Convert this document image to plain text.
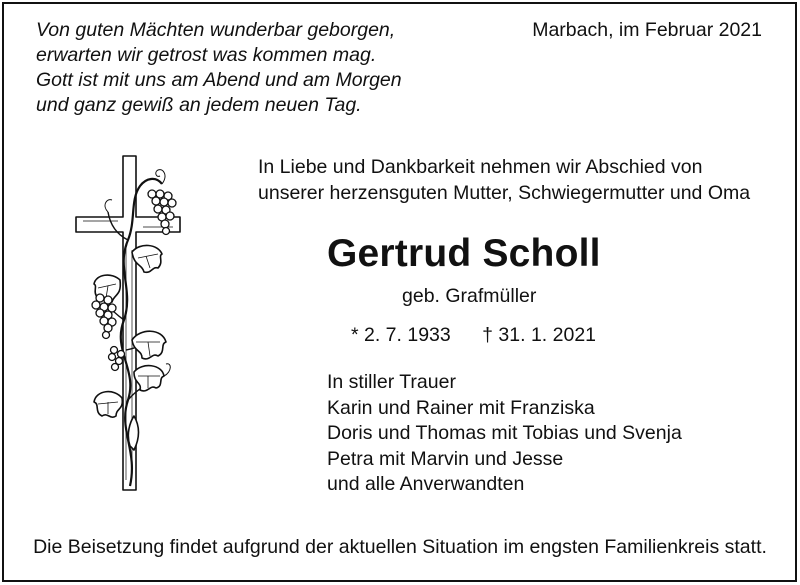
Von guten Mächten wunderbar geborgen,
erwarten wir getrost was kommen mag.
Gott ist mit uns am Abend und am Morgen
und ganz gewiß an jedem neuen Tag.
Marbach, im Februar 2021
In Liebe und Dankbarkeit nehmen wir Abschied von
unserer herzensguten Mutter, Schwiegermutter und Oma
Gertrud Scholl
geb. Grafmüller
* 2. 7. 1933 † 31. 1. 2021
In stiller Trauer
Karin und Rainer mit Franziska
Doris und Thomas mit Tobias und Svenja
Petra mit Marvin und Jesse
und alle Anverwandten
Die Beisetzung findet aufgrund der aktuellen Situation im engsten Familienkreis statt.
